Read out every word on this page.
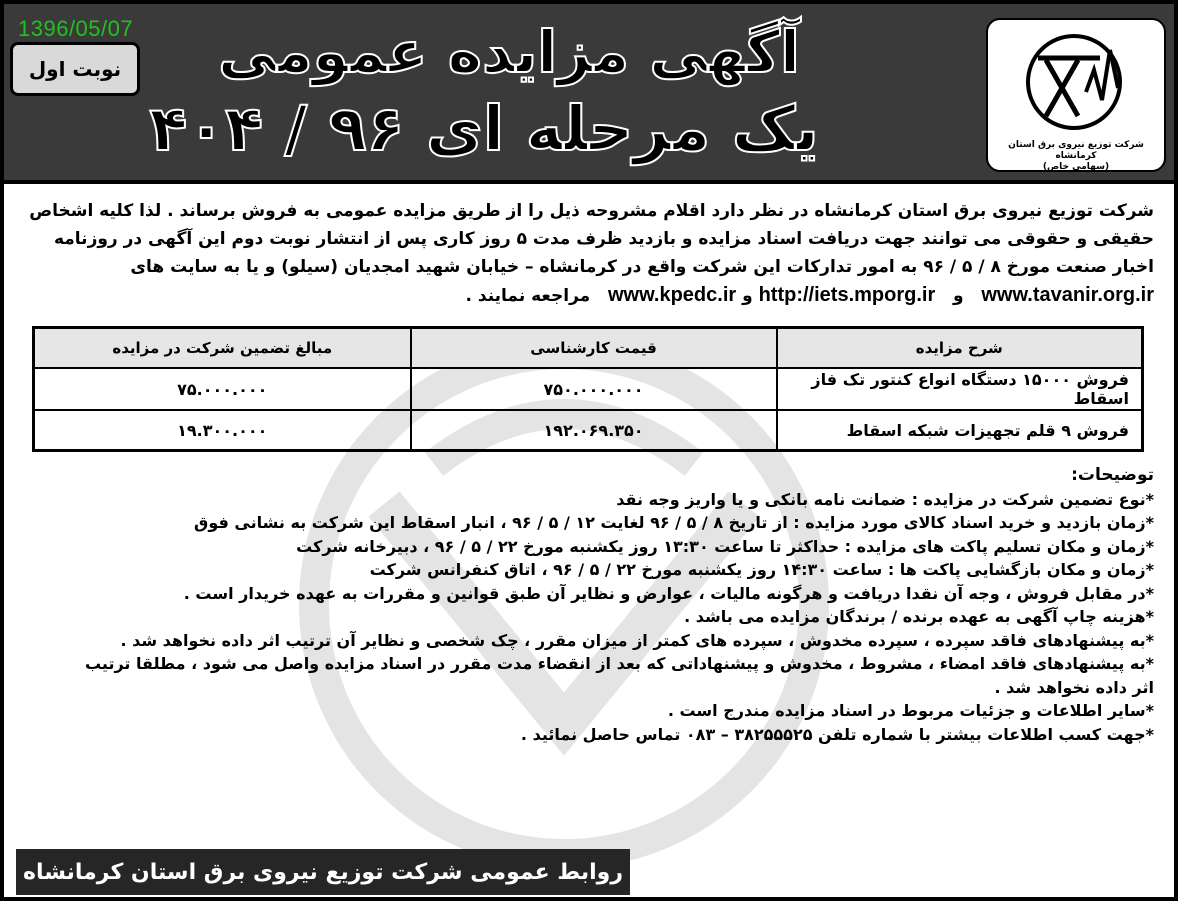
1396/05/07
نوبت اول	آگهی مزایده عمومی
یک مرحله ای ۹۶ / ۴۰۴	شرکت توزیع نیروی برق استان کرمانشاه
(سهامی خاص)
شرکت توزیع نیروی برق استان کرمانشاه در نظر دارد اقلام مشروحه ذیل را از طریق مزایده عمومی به فروش برساند . لذا کلیه اشخاص
حقیقی و حقوقی می توانند جهت دریافت اسناد مزایده و بازدید ظرف مدت ۵ روز کاری پس از انتشار نوبت دوم این آگهی در روزنامه
اخبار صنعت مورخ ۸ / ۵ / ۹۶ به امور تدارکات این شرکت واقع در کرمانشاه – خیابان شهید امجدیان (سیلو) و یا به سایت های
www.tavanir.org.ir   و   http://iets.mporg.ir و www.kpedc.ir   مراجعه نمایند .
شرح مزایده	قیمت کارشناسی	مبالغ تضمین شرکت در مزایده
فروش ۱۵۰۰۰ دستگاه انواع کنتور تک فاز اسقاط	۷۵۰.۰۰۰.۰۰۰	۷۵.۰۰۰.۰۰۰
فروش ۹ قلم تجهیزات شبکه اسقاط	۱۹۲.۰۶۹.۳۵۰	۱۹.۳۰۰.۰۰۰
توضیحات:
*نوع تضمین شرکت در مزایده : ضمانت نامه بانکی و یا واریز وجه نقد
*زمان بازدید و خرید اسناد کالای مورد مزایده : از تاریخ ۸ / ۵ / ۹۶ لغایت ۱۲ / ۵ / ۹۶ ، انبار اسقاط این شرکت به نشانی فوق
*زمان و مکان تسلیم پاکت های مزایده : حداکثر تا ساعت ۱۳:۳۰ روز یکشنبه مورخ ۲۲ / ۵ / ۹۶ ، دبیرخانه شرکت
*زمان و مکان بازگشایی پاکت ها : ساعت ۱۴:۳۰ روز یکشنبه مورخ ۲۲ / ۵ / ۹۶ ، اتاق کنفرانس شرکت
*در مقابل فروش ، وجه آن نقدا دریافت و هرگونه مالیات ، عوارض و نظایر آن طبق قوانین و مقررات به عهده خریدار است .
*هزینه چاپ آگهی به عهده برنده / برندگان مزایده می باشد .
*به پیشنهادهای فاقد سپرده ، سپرده مخدوش ، سپرده های کمتر از میزان مقرر ، چک شخصی و نظایر آن ترتیب اثر داده نخواهد شد .
*به پیشنهادهای فاقد امضاء ، مشروط ، مخدوش و پیشنهاداتی که بعد از انقضاء مدت مقرر در اسناد مزایده واصل می شود ، مطلقا ترتیب
اثر داده نخواهد شد .
*سایر اطلاعات و جزئیات مربوط در اسناد مزایده مندرج است .
*جهت کسب اطلاعات بیشتر با شماره تلفن ۳۸۲۵۵۵۲۵ – ۰۸۳ تماس حاصل نمائید .
روابط عمومی شرکت توزیع نیروی برق استان کرمانشاه
